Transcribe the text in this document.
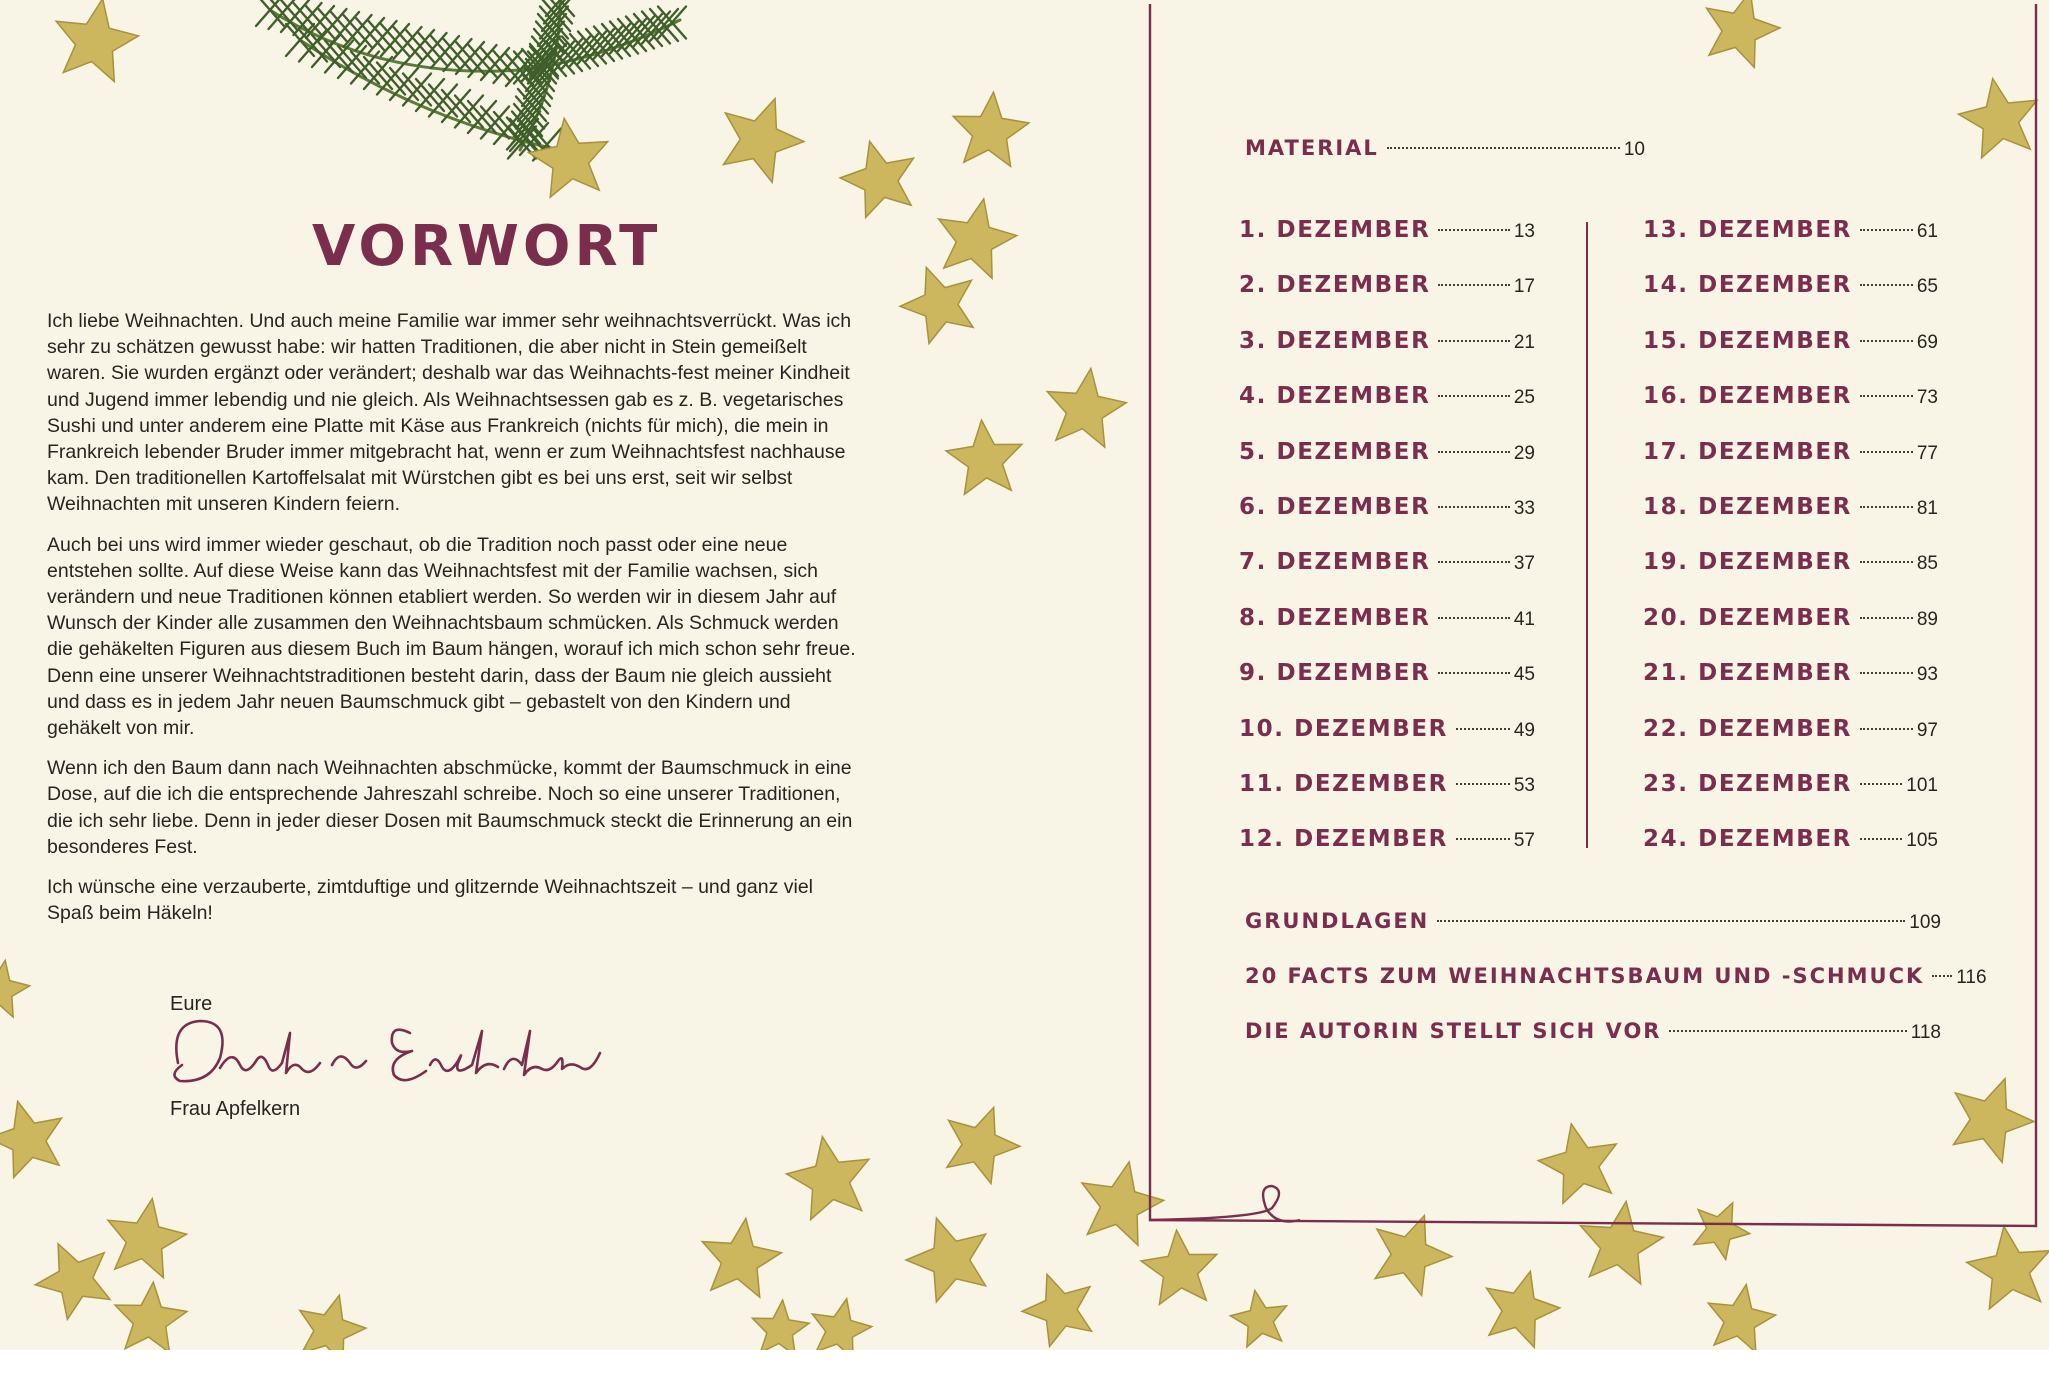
VORWORT

Ich liebe Weihnachten. Und auch meine Familie war immer sehr weihnachtsverrückt. Was ich sehr zu schätzen gewusst habe: wir hatten Traditionen, die aber nicht in Stein gemeißelt waren. Sie wurden ergänzt oder verändert; deshalb war das Weihnachts-fest meiner Kindheit und Jugend immer lebendig und nie gleich. Als Weihnachtsessen gab es z. B. vegetarisches Sushi und unter anderem eine Platte mit Käse aus Frankreich (nichts für mich), die mein in Frankreich lebender Bruder immer mitgebracht hat, wenn er zum Weihnachtsfest nachhause kam. Den traditionellen Kartoffelsalat mit Würstchen gibt es bei uns erst, seit wir selbst Weihnachten mit unseren Kindern feiern.

Auch bei uns wird immer wieder geschaut, ob die Tradition noch passt oder eine neue entstehen sollte. Auf diese Weise kann das Weihnachtsfest mit der Familie wachsen, sich verändern und neue Traditionen können etabliert werden. So werden wir in diesem Jahr auf Wunsch der Kinder alle zusammen den Weihnachtsbaum schmücken. Als Schmuck werden die gehäkelten Figuren aus diesem Buch im Baum hängen, worauf ich mich schon sehr freue. Denn eine unserer Weihnachtstraditionen besteht darin, dass der Baum nie gleich aussieht und dass es in jedem Jahr neuen Baumschmuck gibt – gebastelt von den Kindern und gehäkelt von mir.

Wenn ich den Baum dann nach Weihnachten abschmücke, kommt der Baumschmuck in eine Dose, auf die ich die entsprechende Jahreszahl schreibe. Noch so eine unserer Traditionen, die ich sehr liebe. Denn in jeder dieser Dosen mit Baumschmuck steckt die Erinnerung an ein besonderes Fest.

Ich wünsche eine verzauberte, zimtduftige und glitzernde Weihnachtszeit – und ganz viel Spaß beim Häkeln!

Eure
Frau Apfelkern
MATERIAL	10
1. DEZEMBER	13
2. DEZEMBER	17
3. DEZEMBER	21
4. DEZEMBER	25
5. DEZEMBER	29
6. DEZEMBER	33
7. DEZEMBER	37
8. DEZEMBER	41
9. DEZEMBER	45
10. DEZEMBER	49
11. DEZEMBER	53
12. DEZEMBER	57
13. DEZEMBER	61
14. DEZEMBER	65
15. DEZEMBER	69
16. DEZEMBER	73
17. DEZEMBER	77
18. DEZEMBER	81
19. DEZEMBER	85
20. DEZEMBER	89
21. DEZEMBER	93
22. DEZEMBER	97
23. DEZEMBER	101
24. DEZEMBER	105
GRUNDLAGEN	109
20 FACTS ZUM WEIHNACHTSBAUM UND -SCHMUCK 116
DIE AUTORIN STELLT SICH VOR	118
